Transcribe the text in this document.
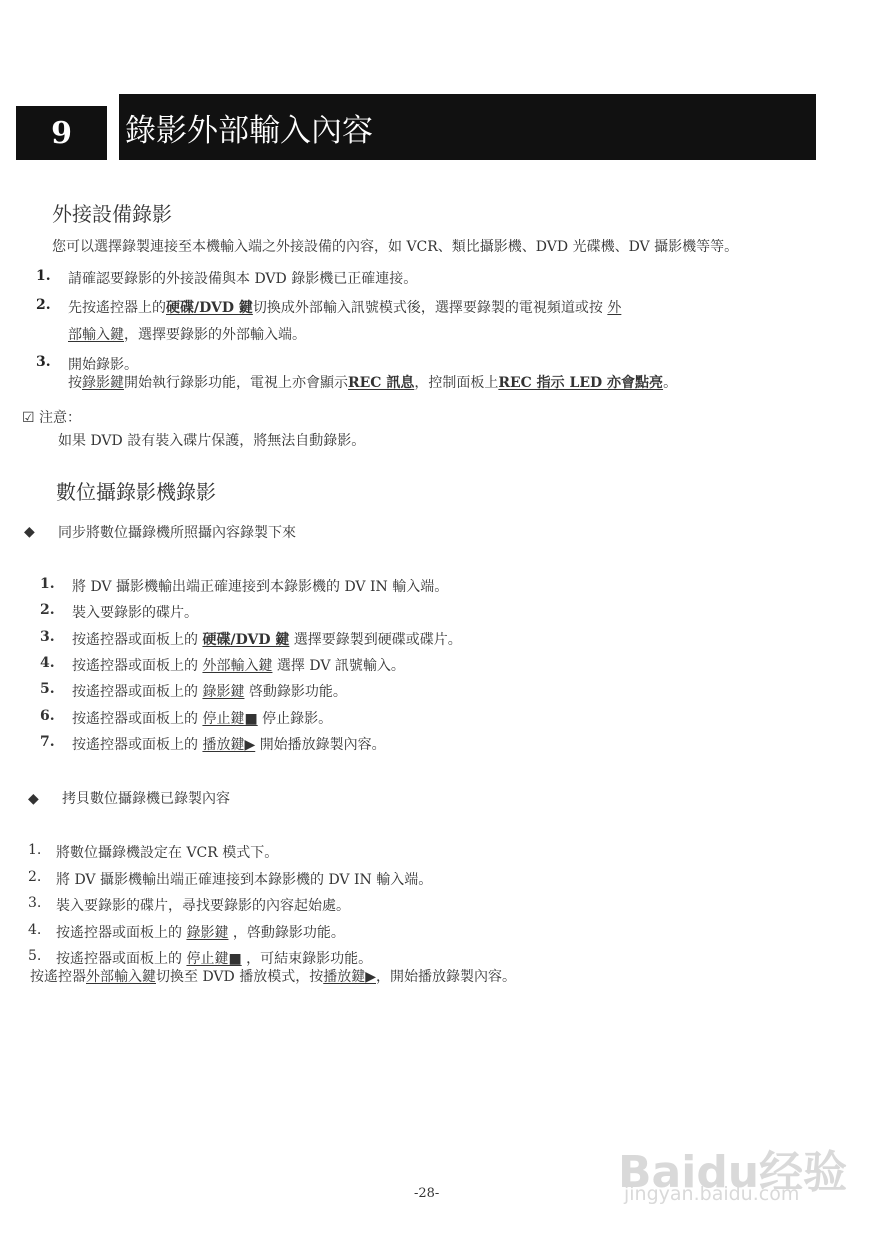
9	錄影外部輸入內容
外接設備錄影
您可以選擇錄製連接至本機輸入端之外接設備的內容，如 VCR、類比攝影機、DVD 光碟機、DV 攝影機等等。
1. 請確認要錄影的外接設備與本 DVD 錄影機已正確連接。
2. 先按遙控器上的硬碟/DVD 鍵切換成外部輸入訊號模式後，選擇要錄製的電視頻道或按 外
部輸入鍵，選擇要錄影的外部輸入端。
3. 開始錄影。
按錄影鍵開始執行錄影功能，電視上亦會顯示REC 訊息，控制面板上REC 指示 LED 亦會點亮。
☑ 注意：
如果 DVD 設有裝入碟片保護，將無法自動錄影。
數位攝錄影機錄影
◆ 同步將數位攝錄機所照攝內容錄製下來
1. 將 DV 攝影機輸出端正確連接到本錄影機的 DV IN 輸入端。
2. 裝入要錄影的碟片。
3. 按遙控器或面板上的 硬碟/DVD 鍵 選擇要錄製到硬碟或碟片。
4. 按遙控器或面板上的 外部輸入鍵 選擇 DV 訊號輸入。
5. 按遙控器或面板上的 錄影鍵 啓動錄影功能。
6. 按遙控器或面板上的 停止鍵■ 停止錄影。
7. 按遙控器或面板上的 播放鍵▶ 開始播放錄製內容。
◆ 拷貝數位攝錄機已錄製內容
1. 將數位攝錄機設定在 VCR 模式下。
2. 將 DV 攝影機輸出端正確連接到本錄影機的 DV IN 輸入端。
3. 裝入要錄影的碟片，尋找要錄影的內容起始處。
4. 按遙控器或面板上的 錄影鍵 ，啓動錄影功能。
5. 按遙控器或面板上的 停止鍵■ ，可結束錄影功能。
按遙控器外部輸入鍵切換至 DVD 播放模式，按播放鍵▶，開始播放錄製內容。
Baidu经验
jingyan.baidu.com
-28-
